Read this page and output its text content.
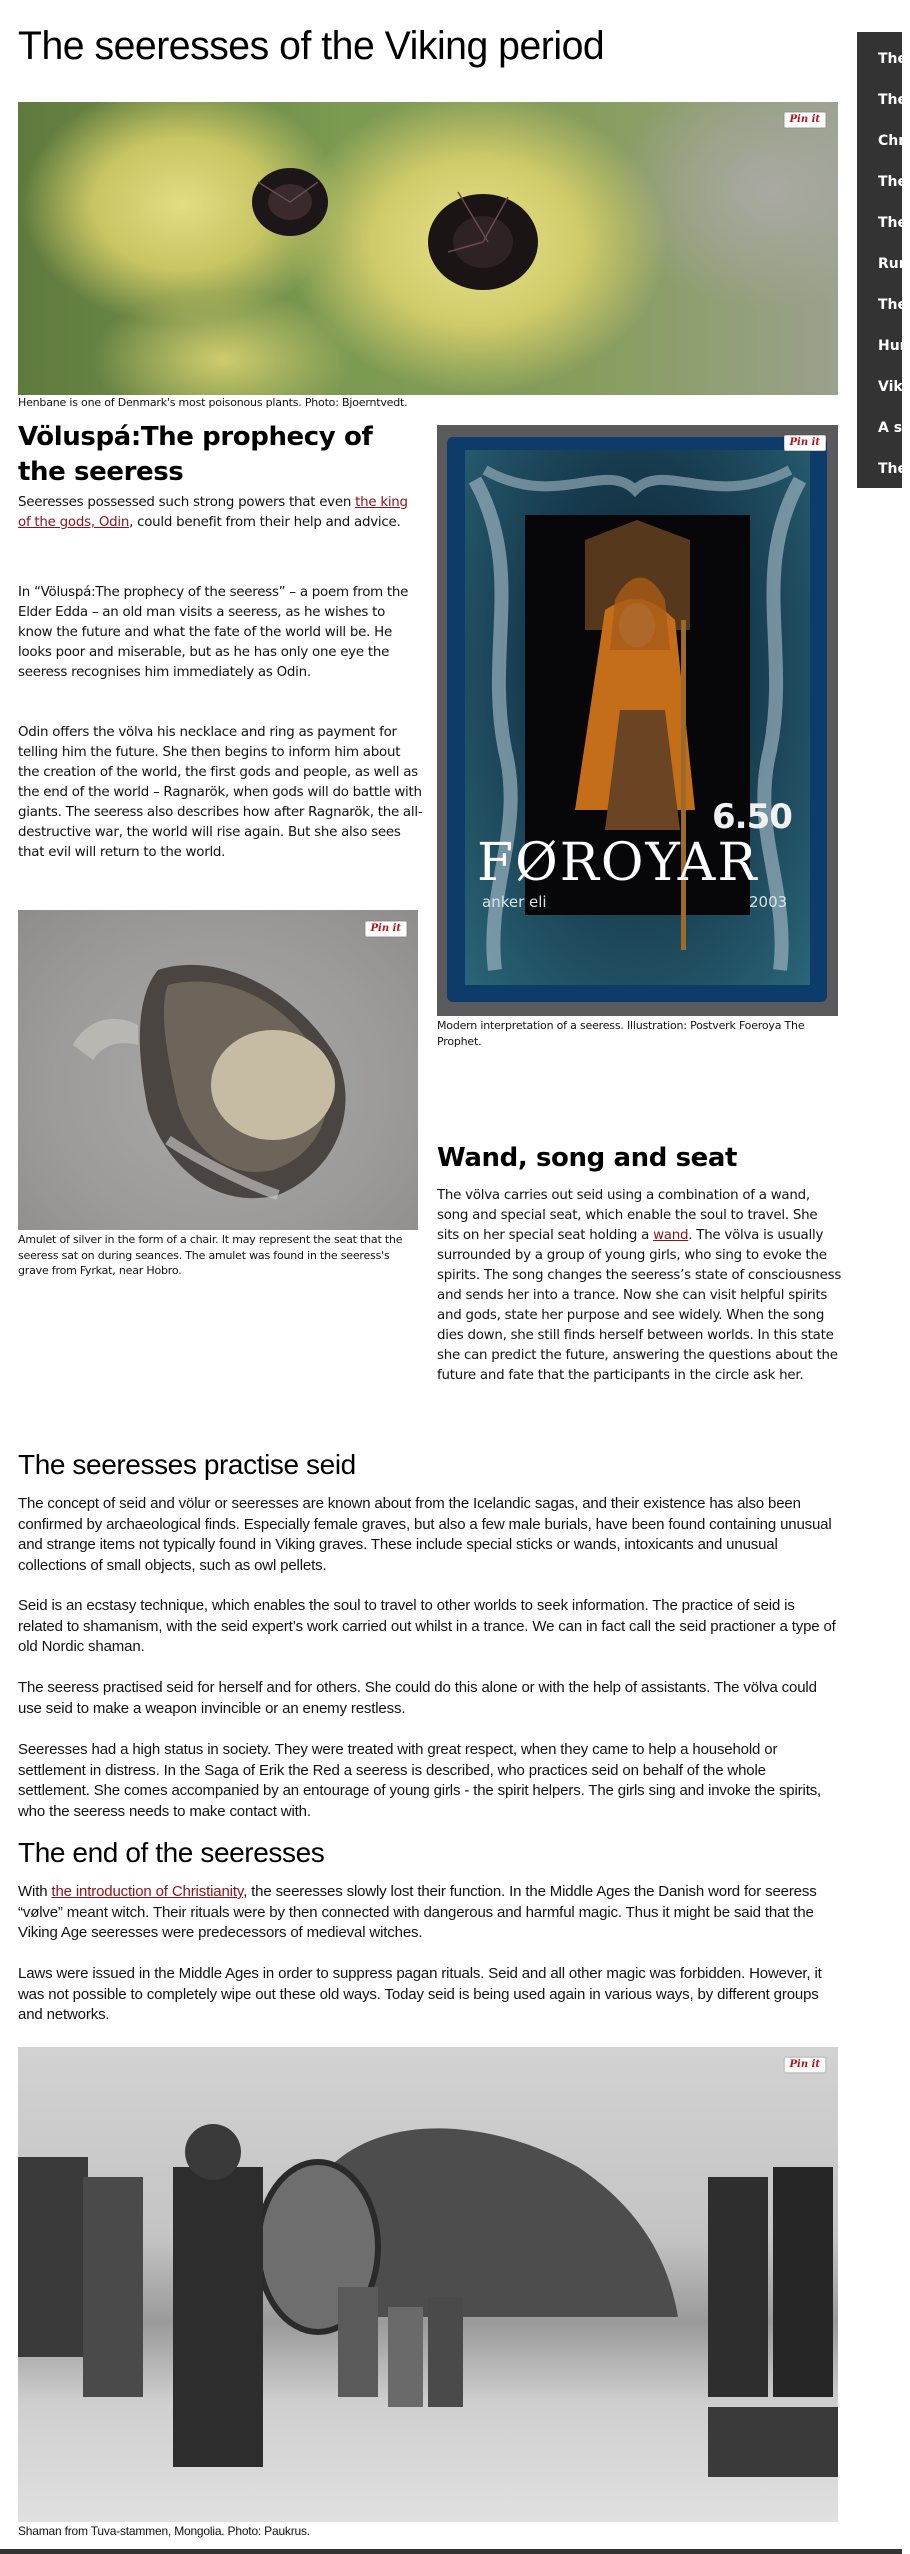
The seeresses of the Viking period	The
The
Chr
The
The
Run
The
Hun
Viki
A s
The
Pin it
Henbane is one of Denmark's most poisonous plants. Photo: Bjoerntvedt.
Völuspá:The prophecy of the seeress

Seeresses possessed such strong powers that even the king of the gods, Odin, could benefit from their help and advice.

In “Völuspá:The prophecy of the seeress” – a poem from the Elder Edda – an old man visits a seeress, as he wishes to know the future and what the fate of the world will be. He looks poor and miserable, but as he has only one eye the seeress recognises him immediately as Odin.

Odin offers the völva his necklace and ring as payment for telling him the future. She then begins to inform him about the creation of the world, the first gods and people, as well as the end of the world – Ragnarök, when gods will do battle with giants. The seeress also describes how after Ragnarök, the all-destructive war, the world will rise again. But she also sees that evil will return to the world.

6.50
FØROYAR
anker eli	2003
Pin it
Modern interpretation of a seeress. Illustration: Postverk Foeroya The Prophet.
Pin it
Amulet of silver in the form of a chair. It may represent the seat that the seeress sat on during seances. The amulet was found in the seeress's grave from Fyrkat, near Hobro.
Wand, song and seat

The völva carries out seid using a combination of a wand, song and special seat, which enable the soul to travel. She sits on her special seat holding a wand. The völva is usually surrounded by a group of young girls, who sing to evoke the spirits. The song changes the seeress’s state of consciousness and sends her into a trance. Now she can visit helpful spirits and gods, state her purpose and see widely. When the song dies down, she still finds herself between worlds. In this state she can predict the future, answering the questions about the future and fate that the participants in the circle ask her.

The seeresses practise seid

The concept of seid and völur or seeresses are known about from the Icelandic sagas, and their existence has also been confirmed by archaeological finds. Especially female graves, but also a few male burials, have been found containing unusual and strange items not typically found in Viking graves. These include special sticks or wands, intoxicants and unusual collections of small objects, such as owl pellets.

Seid is an ecstasy technique, which enables the soul to travel to other worlds to seek information. The practice of seid is related to shamanism, with the seid expert’s work carried out whilst in a trance. We can in fact call the seid practioner a type of old Nordic shaman.

The seeress practised seid for herself and for others. She could do this alone or with the help of assistants. The völva could use seid to make a weapon invincible or an enemy restless.

Seeresses had a high status in society. They were treated with great respect, when they came to help a household or settlement in distress. In the Saga of Erik the Red a seeress is described, who practices seid on behalf of the whole settlement. She comes accompanied by an entourage of young girls - the spirit helpers. The girls sing and invoke the spirits, who the seeress needs to make contact with.

The end of the seeresses

With the introduction of Christianity, the seeresses slowly lost their function. In the Middle Ages the Danish word for seeress “vølve” meant witch. Their rituals were by then connected with dangerous and harmful magic. Thus it might be said that the Viking Age seeresses were predecessors of medieval witches.

Laws were issued in the Middle Ages in order to suppress pagan rituals. Seid and all other magic was forbidden. However, it was not possible to completely wipe out these old ways. Today seid is being used again in various ways, by different groups and networks.

Pin it
Shaman from Tuva-stammen, Mongolia. Photo: Paukrus.
